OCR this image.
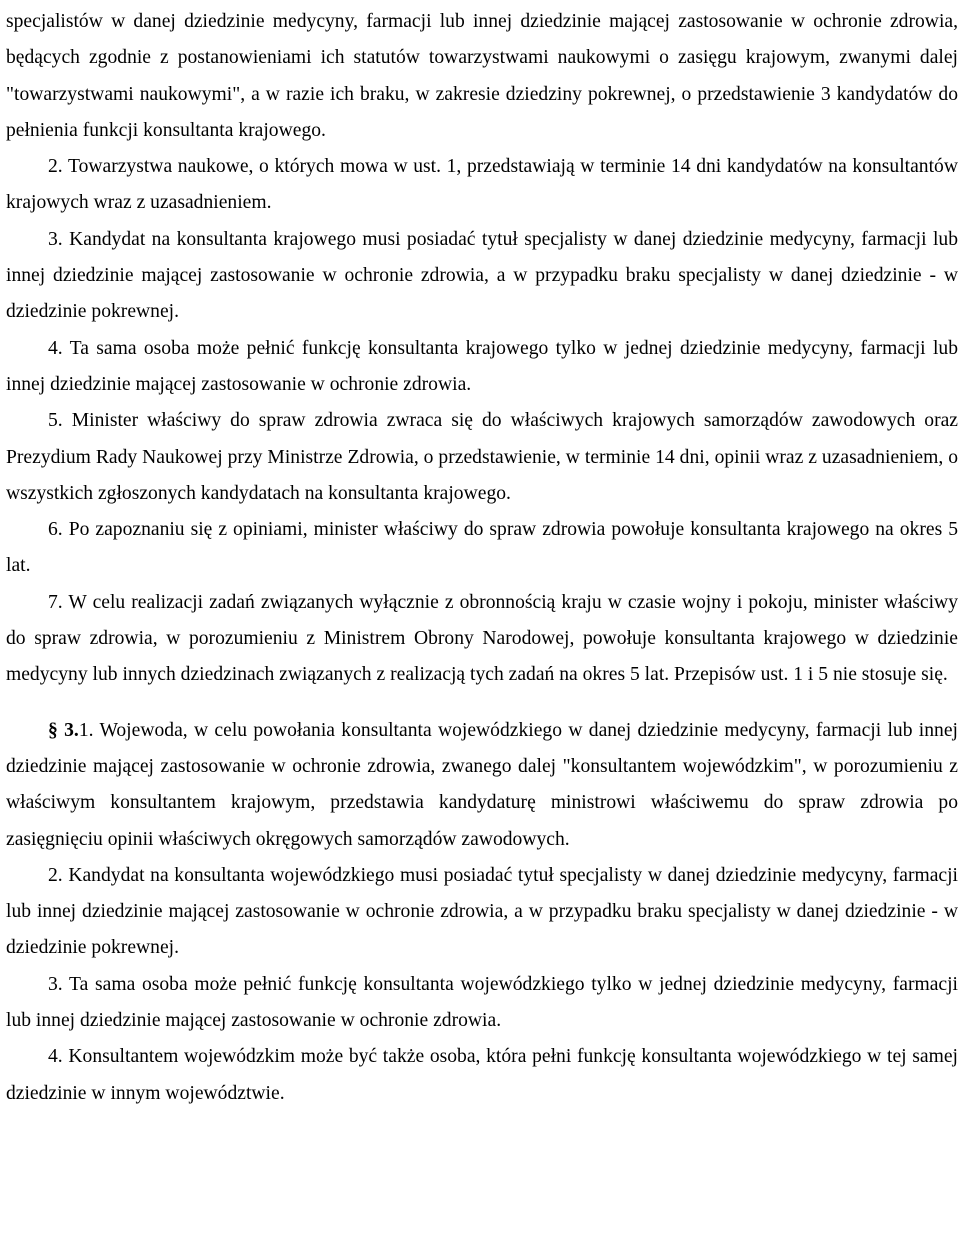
specjalistów w danej dziedzinie medycyny, farmacji lub innej dziedzinie mającej zastosowanie w ochronie zdrowia, będących zgodnie z postanowieniami ich statutów towarzystwami naukowymi o zasięgu krajowym, zwanymi dalej "towarzystwami naukowymi", a w razie ich braku, w zakresie dziedziny pokrewnej, o przedstawienie 3 kandydatów do pełnienia funkcji konsultanta krajowego.

2. Towarzystwa naukowe, o których mowa w ust. 1, przedstawiają w terminie 14 dni kandydatów na konsultantów krajowych wraz z uzasadnieniem.

3. Kandydat na konsultanta krajowego musi posiadać tytuł specjalisty w danej dziedzinie medycyny, farmacji lub innej dziedzinie mającej zastosowanie w ochronie zdrowia, a w przypadku braku specjalisty w danej dziedzinie - w dziedzinie pokrewnej.

4. Ta sama osoba może pełnić funkcję konsultanta krajowego tylko w jednej dziedzinie medycyny, farmacji lub innej dziedzinie mającej zastosowanie w ochronie zdrowia.

5. Minister właściwy do spraw zdrowia zwraca się do właściwych krajowych samorządów zawodowych oraz Prezydium Rady Naukowej przy Ministrze Zdrowia, o przedstawienie, w terminie 14 dni, opinii wraz z uzasadnieniem, o wszystkich zgłoszonych kandydatach na konsultanta krajowego.

6. Po zapoznaniu się z opiniami, minister właściwy do spraw zdrowia powołuje konsultanta krajowego na okres 5 lat.

7. W celu realizacji zadań związanych wyłącznie z obronnością kraju w czasie wojny i pokoju, minister właściwy do spraw zdrowia, w porozumieniu z Ministrem Obrony Narodowej, powołuje konsultanta krajowego w dziedzinie medycyny lub innych dziedzinach związanych z realizacją tych zadań na okres 5 lat. Przepisów ust. 1 i 5 nie stosuje się.

§ 3.1. Wojewoda, w celu powołania konsultanta wojewódzkiego w danej dziedzinie medycyny, farmacji lub innej dziedzinie mającej zastosowanie w ochronie zdrowia, zwanego dalej "konsultantem wojewódzkim", w porozumieniu z właściwym konsultantem krajowym, przedstawia kandydaturę ministrowi właściwemu do spraw zdrowia po zasięgnięciu opinii właściwych okręgowych samorządów zawodowych.

2. Kandydat na konsultanta wojewódzkiego musi posiadać tytuł specjalisty w danej dziedzinie medycyny, farmacji lub innej dziedzinie mającej zastosowanie w ochronie zdrowia, a w przypadku braku specjalisty w danej dziedzinie - w dziedzinie pokrewnej.

3. Ta sama osoba może pełnić funkcję konsultanta wojewódzkiego tylko w jednej dziedzinie medycyny, farmacji lub innej dziedzinie mającej zastosowanie w ochronie zdrowia.

4. Konsultantem wojewódzkim może być także osoba, która pełni funkcję konsultanta wojewódzkiego w tej samej dziedzinie w innym województwie.
